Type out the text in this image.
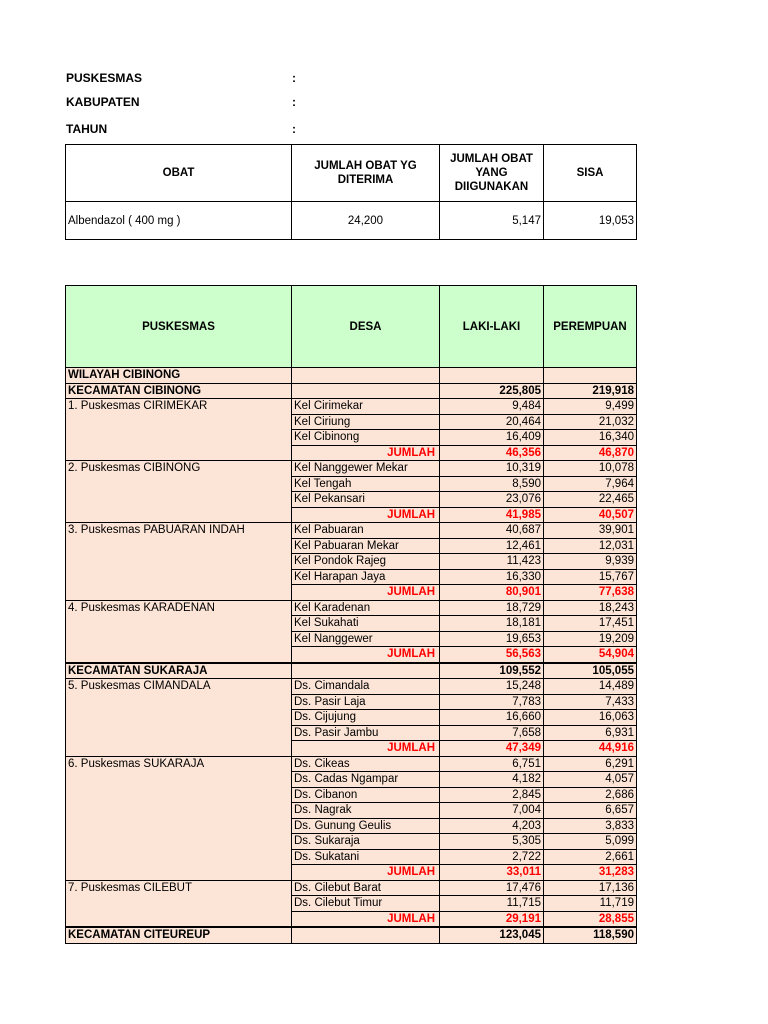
PUSKESMAS	:
KABUPATEN	:
TAHUN	:
OBAT	JUMLAH OBAT YG DITERIMA	JUMLAH OBAT YANG DIIGUNAKAN	SISA
Albendazol ( 400 mg )	24,200	5,147	19,053
PUSKESMAS	DESA	LAKI-LAKI	PEREMPUAN
WILAYAH CIBINONG			
KECAMATAN CIBINONG		225,805	219,918
1. Puskesmas CIRIMEKAR	Kel Cirimekar	9,484	9,499
	Kel Ciriung	20,464	21,032
	Kel Cibinong	16,409	16,340
	JUMLAH	46,356	46,870
2. Puskesmas CIBINONG	Kel Nanggewer Mekar	10,319	10,078
	Kel Tengah	8,590	7,964
	Kel Pekansari	23,076	22,465
	JUMLAH	41,985	40,507
3. Puskesmas PABUARAN INDAH	Kel Pabuaran	40,687	39,901
	Kel Pabuaran Mekar	12,461	12,031
	Kel Pondok Rajeg	11,423	9,939
	Kel Harapan Jaya	16,330	15,767
	JUMLAH	80,901	77,638
4. Puskesmas KARADENAN	Kel Karadenan	18,729	18,243
	Kel Sukahati	18,181	17,451
	Kel Nanggewer	19,653	19,209
	JUMLAH	56,563	54,904
KECAMATAN SUKARAJA		109,552	105,055
5. Puskesmas CIMANDALA	Ds. Cimandala	15,248	14,489
	Ds. Pasir Laja	7,783	7,433
	Ds. Cijujung	16,660	16,063
	Ds. Pasir Jambu	7,658	6,931
	JUMLAH	47,349	44,916
6. Puskesmas SUKARAJA	Ds. Cikeas	6,751	6,291
	Ds. Cadas Ngampar	4,182	4,057
	Ds. Cibanon	2,845	2,686
	Ds. Nagrak	7,004	6,657
	Ds. Gunung Geulis	4,203	3,833
	Ds. Sukaraja	5,305	5,099
	Ds. Sukatani	2,722	2,661
	JUMLAH	33,011	31,283
7. Puskesmas CILEBUT	Ds. Cilebut Barat	17,476	17,136
	Ds. Cilebut Timur	11,715	11,719
	JUMLAH	29,191	28,855
KECAMATAN CITEUREUP		123,045	118,590
